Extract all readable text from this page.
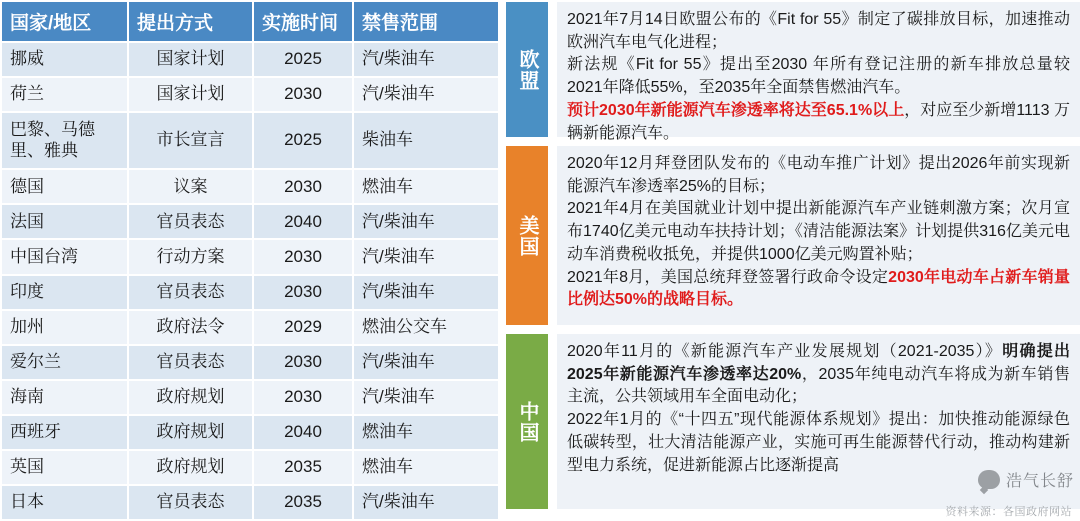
国家/地区	提出方式	实施时间	禁售范围
挪威	国家计划	2025	汽/柴油车
荷兰	国家计划	2030	汽/柴油车
巴黎、马德里、雅典	市长宣言	2025	柴油车
德国	议案	2030	燃油车
法国	官员表态	2040	汽/柴油车
中国台湾	行动方案	2030	汽/柴油车
印度	官员表态	2030	汽/柴油车
加州	政府法令	2029	燃油公交车
爱尔兰	官员表态	2030	汽/柴油车
海南	政府规划	2030	汽/柴油车
西班牙	政府规划	2040	燃油车
英国	政府规划	2035	燃油车
日本	官员表态	2035	汽/柴油车
欧盟

2021年7月14日欧盟公布的《Fit for 55》制定了碳排放目标，加速推动欧洲汽车电气化进程；

新法规《Fit for 55》提出至2030 年所有登记注册的新车排放总量较2021年降低55%，至2035年全面禁售燃油汽车。

预计2030年新能源汽车渗透率将达至65.1%以上，对应至少新增1113 万辆新能源汽车。

美国

2020年12月拜登团队发布的《电动车推广计划》提出2026年前实现新能源汽车渗透率25%的目标；

2021年4月在美国就业计划中提出新能源汽车产业链刺激方案；次月宣布1740亿美元电动车扶持计划；《清洁能源法案》计划提供316亿美元电动车消费税收抵免，并提供1000亿美元购置补贴；

2021年8月，美国总统拜登签署行政命令设定2030年电动车占新车销量比例达50%的战略目标。

中国

2020年11月的《新能源汽车产业发展规划（2021-2035）》明确提出2025年新能源汽车渗透率达20%，2035年纯电动汽车将成为新车销售主流，公共领域用车全面电动化；

2022年1月的《“十四五”现代能源体系规划》提出：加快推动能源绿色低碳转型，壮大清洁能源产业，实施可再生能源替代行动，推动构建新型电力系统，促进新能源占比逐渐提高

浩气长舒
资料来源：各国政府网站
